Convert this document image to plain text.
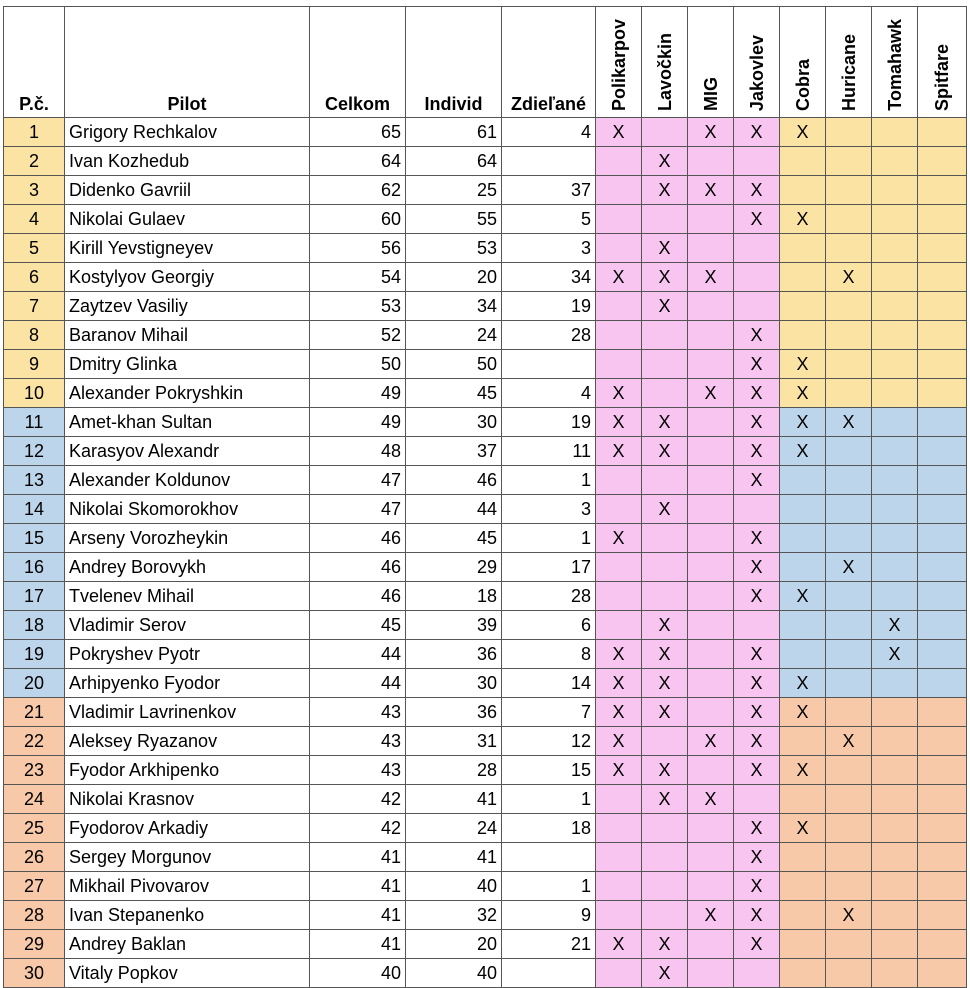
P.č.	Pilot	Celkom	Individ	Zdieľané	Polikarpov	Lavočkin	MIG	Jakovlev	Cobra	Huricane	Tomahawk	Spitfare

1	Grigory Rechkalov	65	61	4	X		X	X	X			
2	Ivan Kozhedub	64	64			X						
3	Didenko Gavriil	62	25	37		X	X	X				
4	Nikolai Gulaev	60	55	5				X	X			
5	Kirill Yevstigneyev	56	53	3		X						
6	Kostylyov Georgiy	54	20	34	X	X	X			X		
7	Zaytzev Vasiliy	53	34	19		X						
8	Baranov Mihail	52	24	28				X				
9	Dmitry Glinka	50	50					X	X			
10	Alexander Pokryshkin	49	45	4	X		X	X	X			
11	Amet-khan Sultan	49	30	19	X	X		X	X	X		
12	Karasyov Alexandr	48	37	11	X	X		X	X			
13	Alexander Koldunov	47	46	1				X				
14	Nikolai Skomorokhov	47	44	3		X						
15	Arseny Vorozheykin	46	45	1	X			X				
16	Andrey Borovykh	46	29	17				X		X		
17	Tvelenev Mihail	46	18	28				X	X			
18	Vladimir Serov	45	39	6		X					X	
19	Pokryshev Pyotr	44	36	8	X	X		X			X	
20	Arhipyenko Fyodor	44	30	14	X	X		X	X			
21	Vladimir Lavrinenkov	43	36	7	X	X		X	X			
22	Aleksey Ryazanov	43	31	12	X		X	X		X		
23	Fyodor Arkhipenko	43	28	15	X	X		X	X			
24	Nikolai Krasnov	42	41	1		X	X					
25	Fyodorov Arkadiy	42	24	18				X	X			
26	Sergey Morgunov	41	41					X				
27	Mikhail Pivovarov	41	40	1				X				
28	Ivan Stepanenko	41	32	9			X	X		X		
29	Andrey Baklan	41	20	21	X	X		X				
30	Vitaly Popkov	40	40			X						
